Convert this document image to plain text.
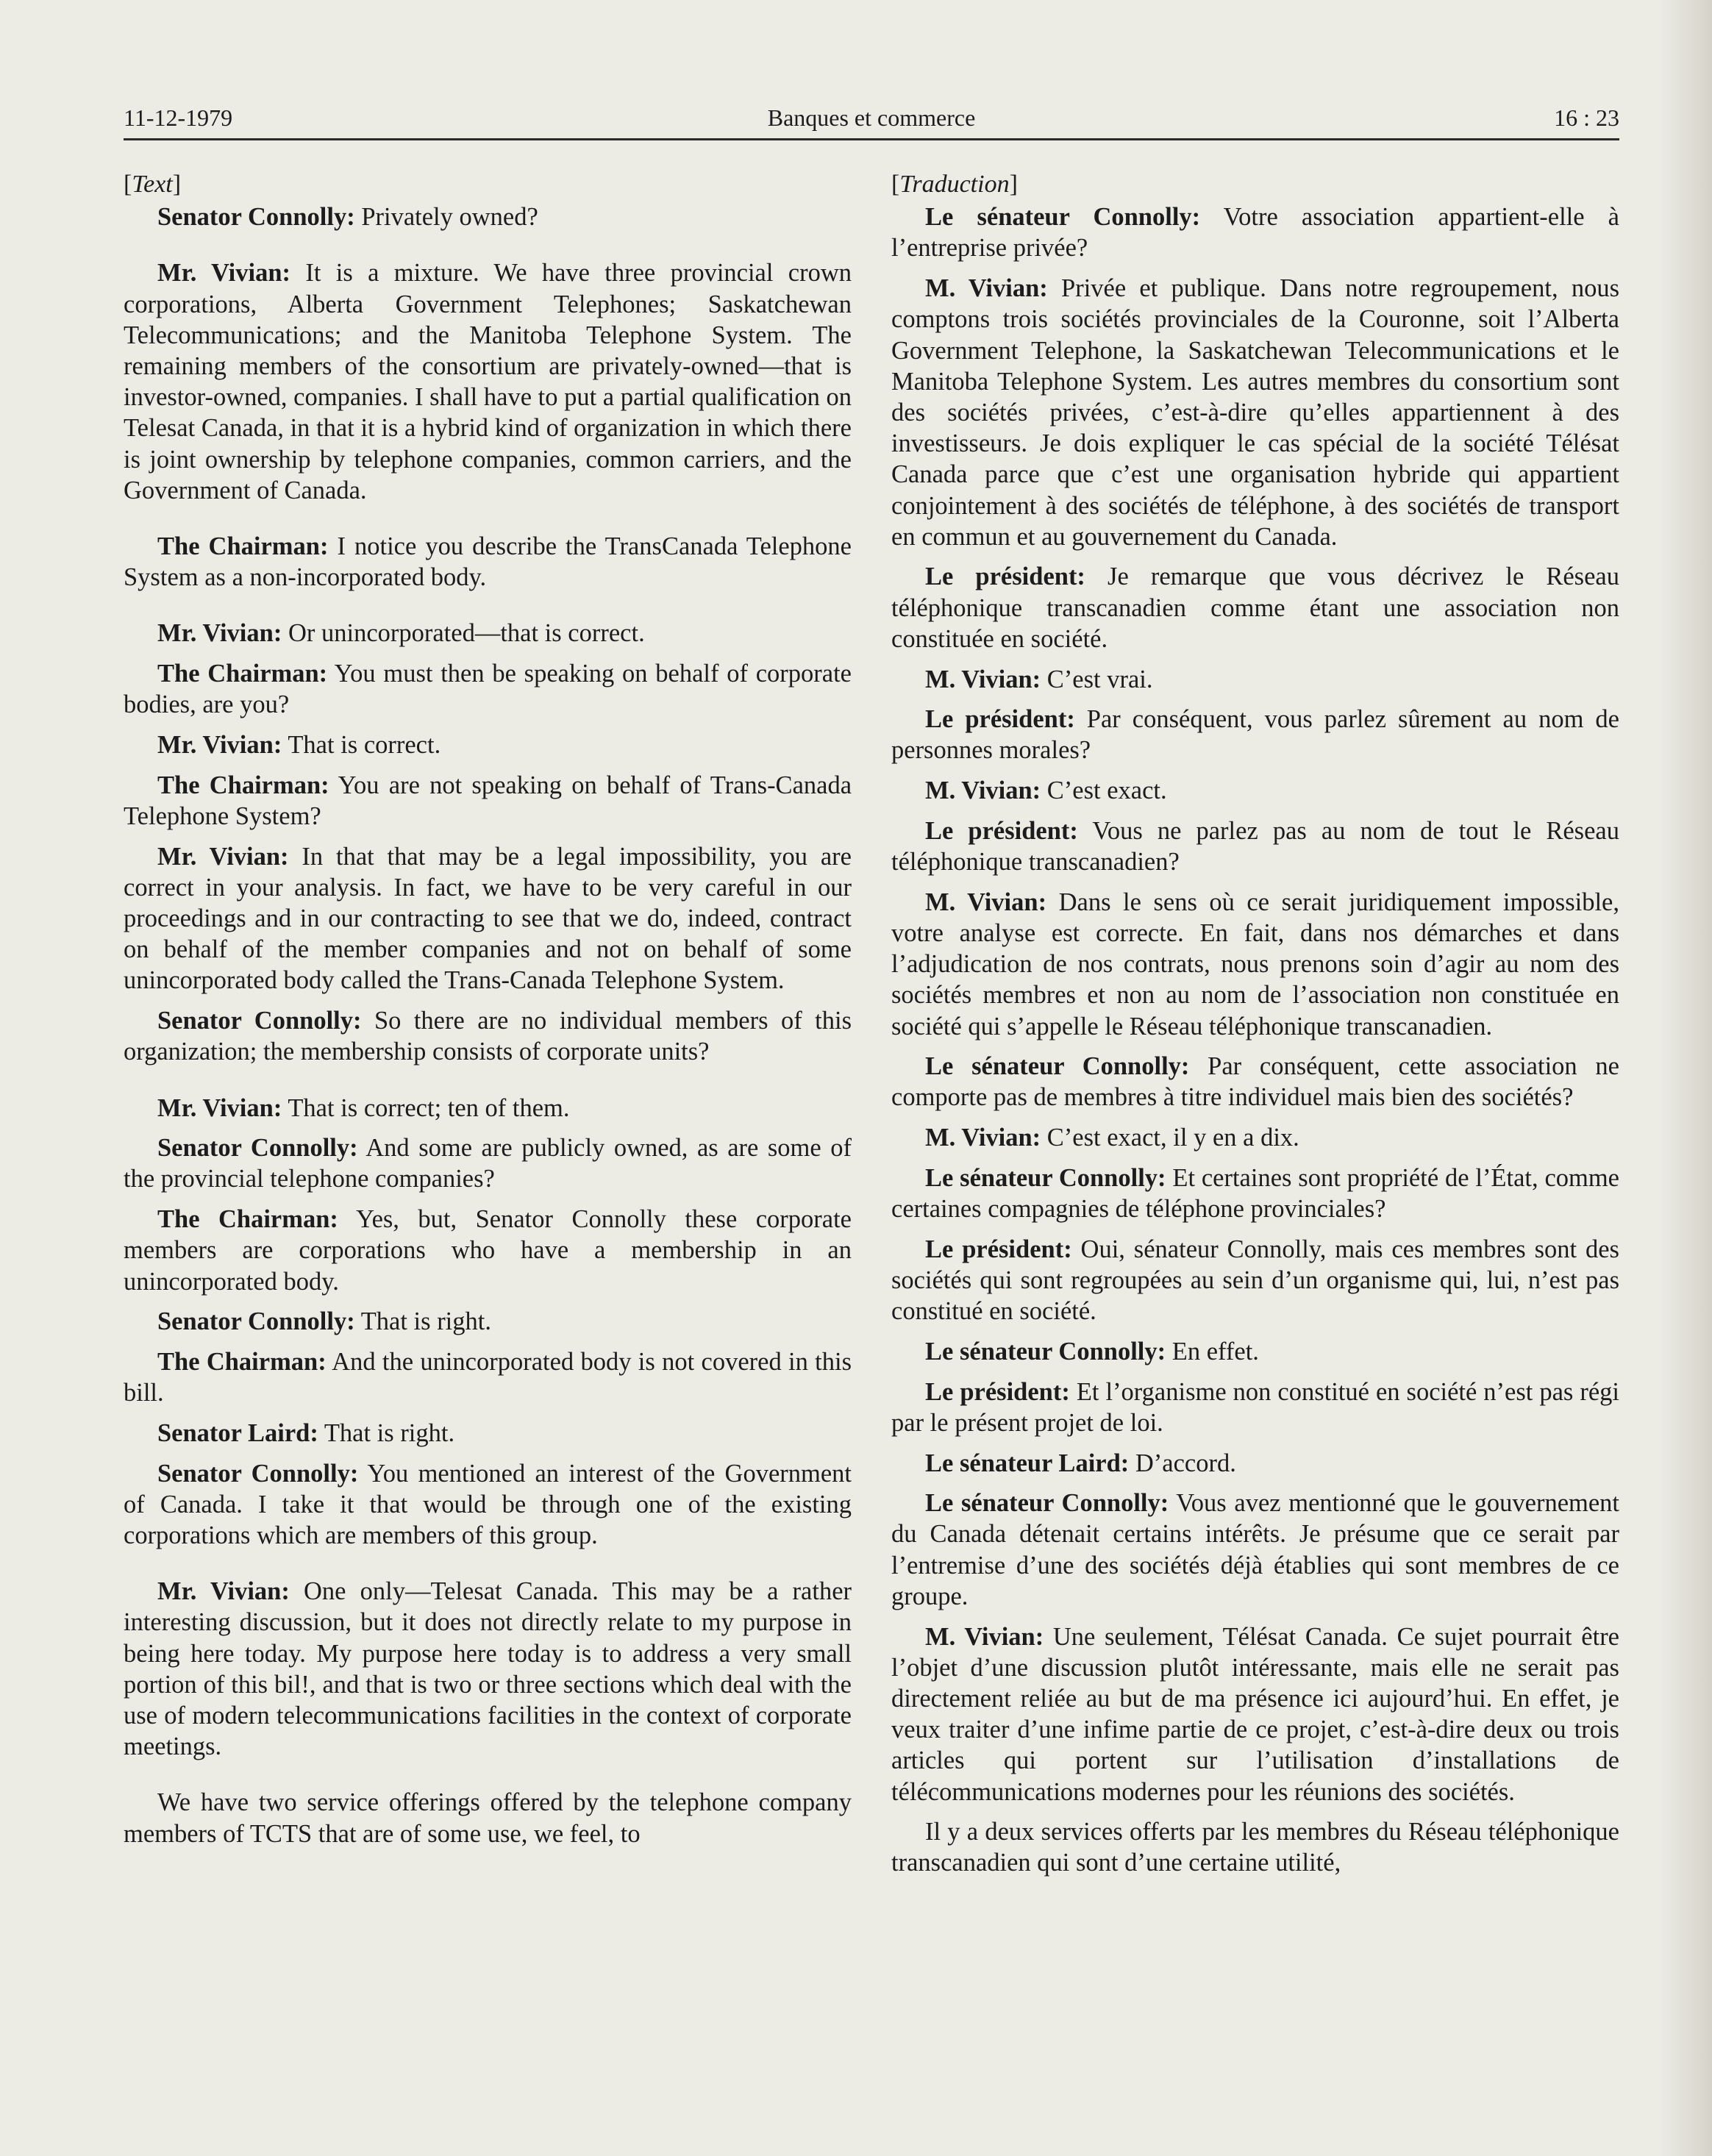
11-12-1979	Banques et commerce	16 : 23

[Text]

Senator Connolly: Privately owned?

Mr. Vivian: It is a mixture. We have three provincial crown corporations, Alberta Government Telephones; Saskatchewan Telecommunications; and the Manitoba Telephone System. The remaining members of the consortium are privately-owned—that is investor-owned, companies. I shall have to put a partial qualification on Telesat Canada, in that it is a hybrid kind of organization in which there is joint ownership by telephone companies, common carriers, and the Government of Canada.

The Chairman: I notice you describe the TransCanada Telephone System as a non-incorporated body.

Mr. Vivian: Or unincorporated—that is correct.

The Chairman: You must then be speaking on behalf of corporate bodies, are you?

Mr. Vivian: That is correct.

The Chairman: You are not speaking on behalf of Trans-Canada Telephone System?

Mr. Vivian: In that that may be a legal impossibility, you are correct in your analysis. In fact, we have to be very careful in our proceedings and in our contracting to see that we do, indeed, contract on behalf of the member companies and not on behalf of some unincorporated body called the Trans-Canada Telephone System.

Senator Connolly: So there are no individual members of this organization; the membership consists of corporate units?

Mr. Vivian: That is correct; ten of them.

Senator Connolly: And some are publicly owned, as are some of the provincial telephone companies?

The Chairman: Yes, but, Senator Connolly these corporate members are corporations who have a membership in an unincorporated body.

Senator Connolly: That is right.

The Chairman: And the unincorporated body is not covered in this bill.

Senator Laird: That is right.

Senator Connolly: You mentioned an interest of the Government of Canada. I take it that would be through one of the existing corporations which are members of this group.

Mr. Vivian: One only—Telesat Canada. This may be a rather interesting discussion, but it does not directly relate to my purpose in being here today. My purpose here today is to address a very small portion of this bil!, and that is two or three sections which deal with the use of modern telecommunications facilities in the context of corporate meetings.

We have two service offerings offered by the telephone company members of TCTS that are of some use, we feel, to

[Traduction]

Le sénateur Connolly: Votre association appartient-elle à l’entreprise privée?

M. Vivian: Privée et publique. Dans notre regroupement, nous comptons trois sociétés provinciales de la Couronne, soit l’Alberta Government Telephone, la Saskatchewan Telecommunications et le Manitoba Telephone System. Les autres membres du consortium sont des sociétés privées, c’est-à-dire qu’elles appartiennent à des investisseurs. Je dois expliquer le cas spécial de la société Télésat Canada parce que c’est une organisation hybride qui appartient conjointement à des sociétés de téléphone, à des sociétés de transport en commun et au gouvernement du Canada.

Le président: Je remarque que vous décrivez le Réseau téléphonique transcanadien comme étant une association non constituée en société.

M. Vivian: C’est vrai.

Le président: Par conséquent, vous parlez sûrement au nom de personnes morales?

M. Vivian: C’est exact.

Le président: Vous ne parlez pas au nom de tout le Réseau téléphonique transcanadien?

M. Vivian: Dans le sens où ce serait juridiquement impossible, votre analyse est correcte. En fait, dans nos démarches et dans l’adjudication de nos contrats, nous prenons soin d’agir au nom des sociétés membres et non au nom de l’association non constituée en société qui s’appelle le Réseau téléphonique transcanadien.

Le sénateur Connolly: Par conséquent, cette association ne comporte pas de membres à titre individuel mais bien des sociétés?

M. Vivian: C’est exact, il y en a dix.

Le sénateur Connolly: Et certaines sont propriété de l’État, comme certaines compagnies de téléphone provinciales?

Le président: Oui, sénateur Connolly, mais ces membres sont des sociétés qui sont regroupées au sein d’un organisme qui, lui, n’est pas constitué en société.

Le sénateur Connolly: En effet.

Le président: Et l’organisme non constitué en société n’est pas régi par le présent projet de loi.

Le sénateur Laird: D’accord.

Le sénateur Connolly: Vous avez mentionné que le gouvernement du Canada détenait certains intérêts. Je présume que ce serait par l’entremise d’une des sociétés déjà établies qui sont membres de ce groupe.

M. Vivian: Une seulement, Télésat Canada. Ce sujet pourrait être l’objet d’une discussion plutôt intéressante, mais elle ne serait pas directement reliée au but de ma présence ici aujourd’hui. En effet, je veux traiter d’une infime partie de ce projet, c’est-à-dire deux ou trois articles qui portent sur l’utilisation d’installations de télécommunications modernes pour les réunions des sociétés.

Il y a deux services offerts par les membres du Réseau téléphonique transcanadien qui sont d’une certaine utilité,
